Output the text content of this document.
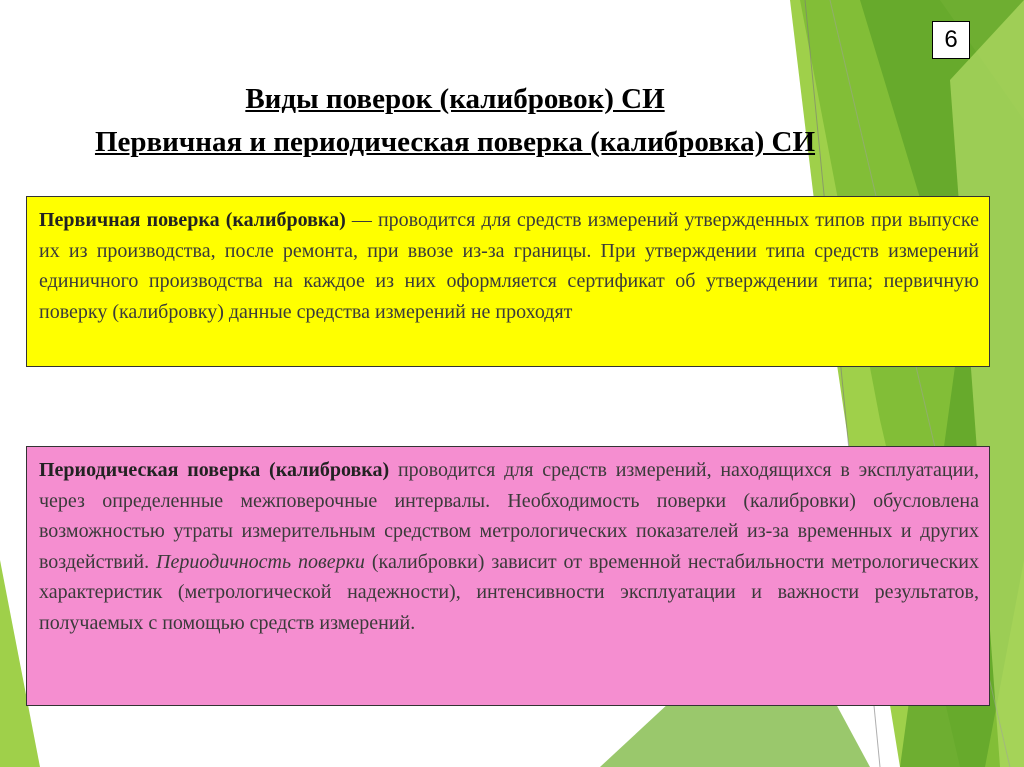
6
Виды поверок (калибровок) СИ
Первичная и периодическая поверка (калибровка) СИ
Первичная поверка (калибровка) — проводится для средств измерений утвержденных типов при выпуске их из производства, после ремонта, при ввозе из-за границы. При утверждении типа средств измерений единичного производства на каждое из них оформляется сертификат об утверждении типа; первичную поверку (калибровку) данные средства измерений не проходят
Периодическая поверка (калибровка) проводится для средств измерений, находящихся в эксплуатации, через определенные межповерочные интервалы. Необходимость поверки (калибровки) обусловлена возможностью утраты измерительным средством метрологических показателей из-за временных и других воздействий. Периодичность поверки (калибровки) зависит от временной нестабильности метрологических характеристик (метрологической надежности), интенсивности эксплуатации и важности результатов, получаемых с помощью средств измерений.
